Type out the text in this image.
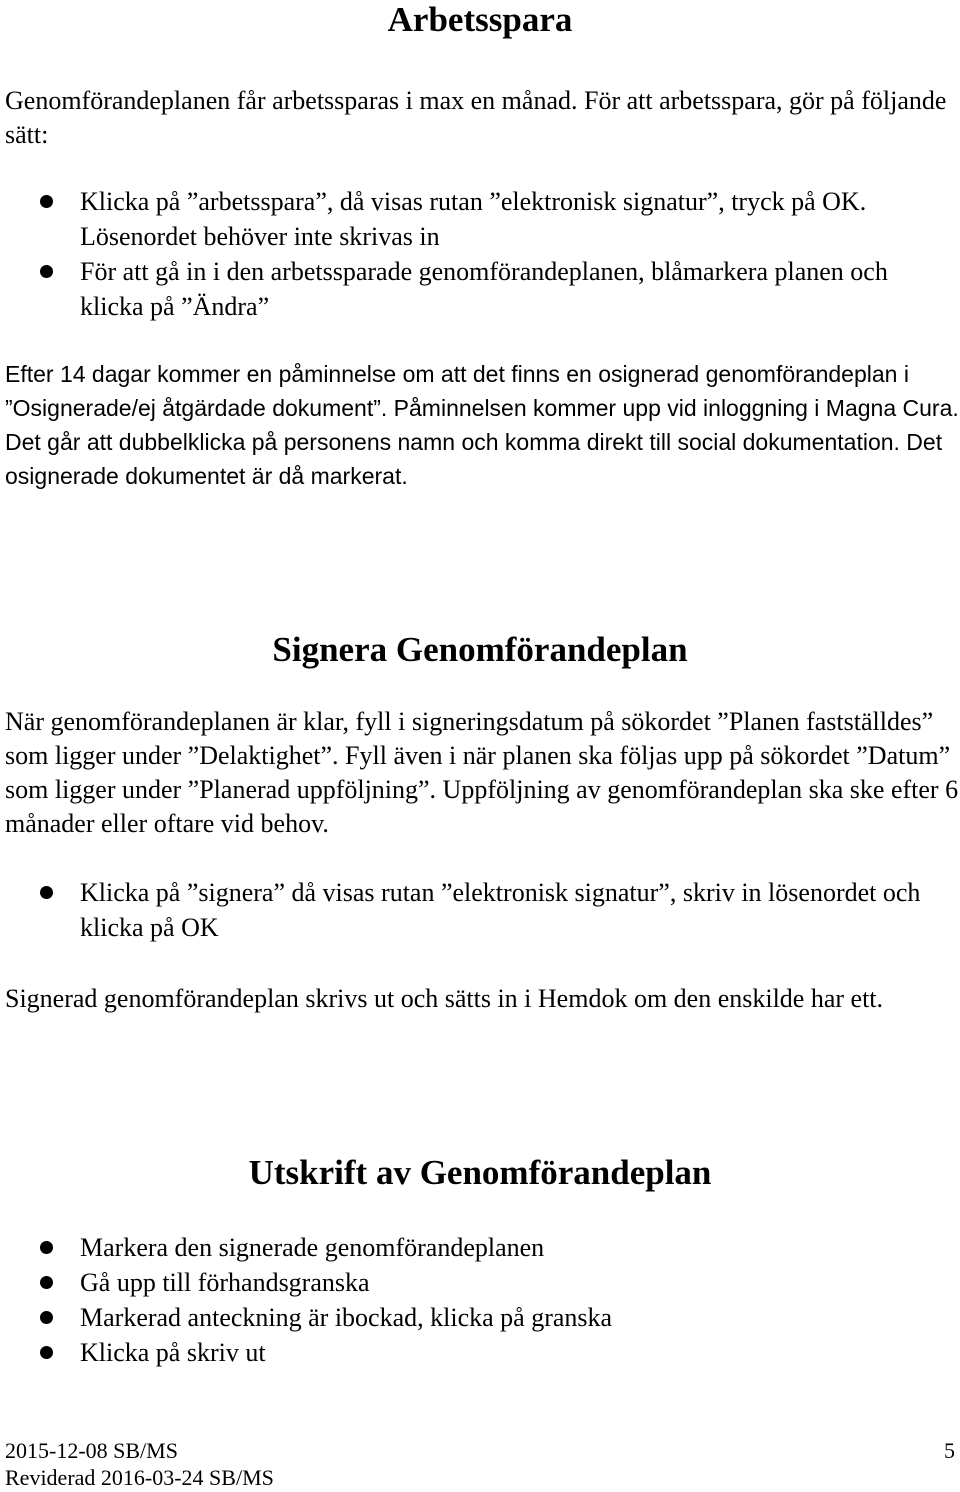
Arbetsspara

Genomförandeplanen får arbetssparas i max en månad. För att arbetsspara, gör på följande sätt:

Klicka på ”arbetsspara”, då visas rutan ”elektronisk signatur”, tryck på OK. Lösenordet behöver inte skrivas in
För att gå in i den arbetssparade genomförandeplanen, blåmarkera planen och klicka på ”Ändra”

Efter 14 dagar kommer en påminnelse om att det finns en osignerad genomförandeplan i ”Osignerade/ej åtgärdade dokument”. Påminnelsen kommer upp vid inloggning i Magna Cura. Det går att dubbelklicka på personens namn och komma direkt till social dokumentation. Det osignerade dokumentet är då markerat.

Signera Genomförandeplan

När genomförandeplanen är klar, fyll i signeringsdatum på sökordet ”Planen fastställdes” som ligger under ”Delaktighet”. Fyll även i när planen ska följas upp på sökordet ”Datum” som ligger under ”Planerad uppföljning”. Uppföljning av genomförandeplan ska ske efter 6 månader eller oftare vid behov.

Klicka på ”signera” då visas rutan ”elektronisk signatur”, skriv in lösenordet och klicka på OK

Signerad genomförandeplan skrivs ut och sätts in i Hemdok om den enskilde har ett.

Utskrift av Genomförandeplan
Markera den signerade genomförandeplanen
Gå upp till förhandsgranska
Markerad anteckning är ibockad, klicka på granska
Klicka på skriv ut
2015-12-08 SB/MS
Reviderad 2016-03-24 SB/MS
5
